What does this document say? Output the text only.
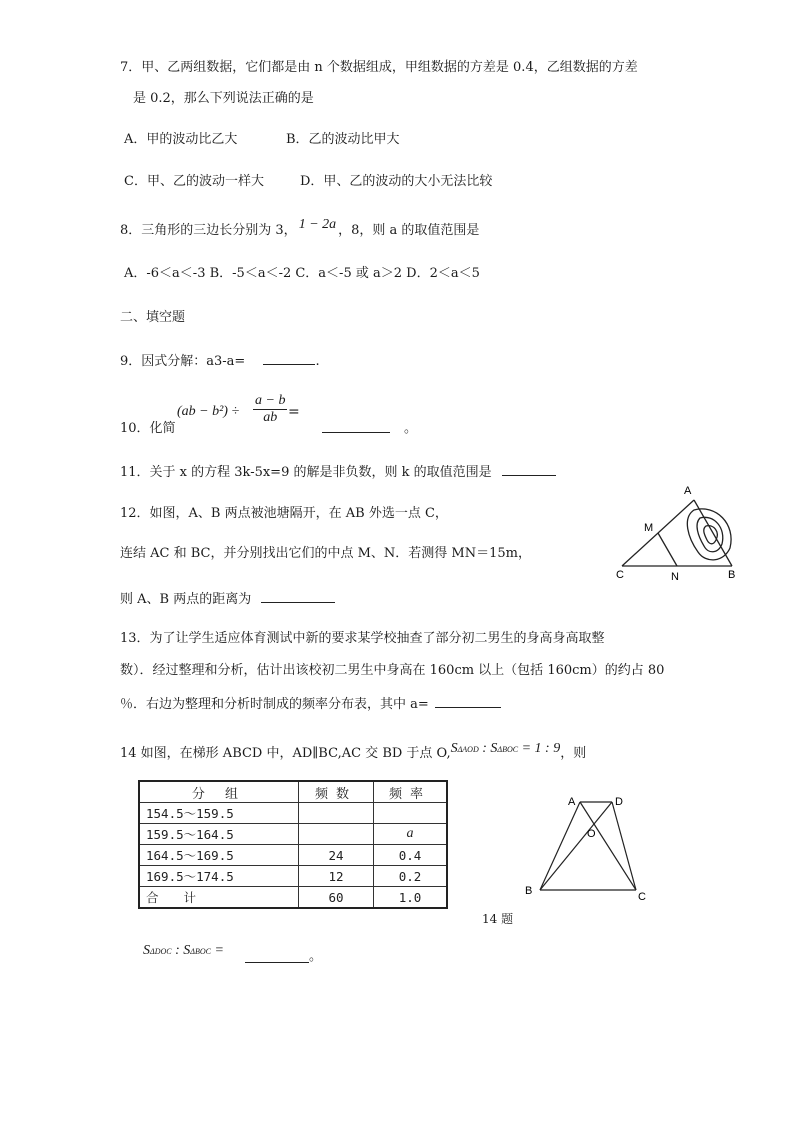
7．甲、乙两组数据，它们都是由 n 个数据组成，甲组数据的方差是 0.4，乙组数据的方差
是 0.2，那么下列说法正确的是
A．甲的波动比乙大	B．乙的波动比甲大
C．甲、乙的波动一样大	D．甲、乙的波动的大小无法比较
8．三角形的三边长分别为 3， 1 − 2a ，8，则 a 的取值范围是
A．-6＜a＜-3 B．-5＜a＜-2 C．a＜-5 或 a＞2 D．2＜a＜5
二、填空题
9．因式分解：a3-a=	.
10．化简
$(ab - b^2) \div \frac{a - b}{ab}$ =
。
11．关于 x 的方程 3k-5x=9 的解是非负数，则 k 的取值范围是
12．如图，A、B 两点被池塘隔开，在 AB 外选一点 C，
连结 AC 和 BC，并分别找出它们的中点 M、N．若测得 MN＝15m，
则 A、B 两点的距离为
A
B
C
M
N
13．为了让学生适应体育测试中新的要求某学校抽查了部分初二男生的身高身高取整
数）．经过整理和分析，估计出该校初二男生中身高在 160cm 以上（包括 160cm）的约占 80
％．右边为整理和分析时制成的频率分布表，其中 a=
14 如图，在梯形 ABCD 中，AD∥BC,AC 交 BD 于点 O,SΔAOD : SΔBOC = 1 : 9，则
分 组	频数	频率
154.5～159.5		
159.5～164.5		a
164.5～169.5	24	0.4
169.5～174.5	12	0.2
合　　计	60	1.0
A	D
O
B	C
14 题
SΔDOC : SΔBOC =	。
